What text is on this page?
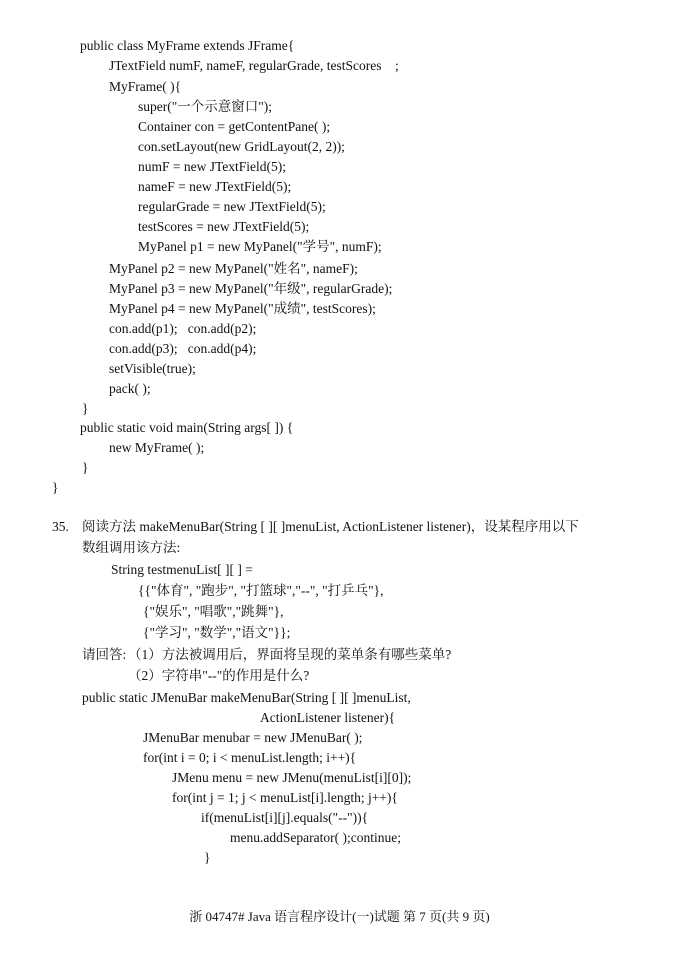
public class MyFrame extends JFrame{
JTextField numF, nameF, regularGrade, testScores    ;
MyFrame( ){
super("一个示意窗口");
Container con = getContentPane( );
con.setLayout(new GridLayout(2, 2));
numF = new JTextField(5);
nameF = new JTextField(5);
regularGrade = new JTextField(5);
testScores = new JTextField(5);
MyPanel p1 = new MyPanel("学号", numF);
MyPanel p2 = new MyPanel("姓名", nameF);
MyPanel p3 = new MyPanel("年级", regularGrade);
MyPanel p4 = new MyPanel("成绩", testScores);
con.add(p1);   con.add(p2);
con.add(p3);   con.add(p4);
setVisible(true);
pack( );
}
public static void main(String args[ ]) {
new MyFrame( );
}
}
35. 阅读方法 makeMenuBar(String [ ][ ]menuList, ActionListener listener)，设某程序用以下
数组调用该方法:
String testmenuList[ ][ ] =
{{"体育", "跑步", "打篮球","--", "打乒乓"},
{"娱乐", "唱歌","跳舞"},
{"学习", "数学","语文"}};
请回答: （1）方法被调用后，界面将呈现的菜单条有哪些菜单?
（2）字符串"--"的作用是什么?
public static JMenuBar makeMenuBar(String [ ][ ]menuList,
ActionListener listener){
JMenuBar menubar = new JMenuBar( );
for(int i = 0; i < menuList.length; i++){
JMenu menu = new JMenu(menuList[i][0]);
for(int j = 1; j < menuList[i].length; j++){
if(menuList[i][j].equals("--")){
menu.addSeparator( );continue;
}
浙 04747# Java 语言程序设计(一)试题 第 7 页(共 9 页)
